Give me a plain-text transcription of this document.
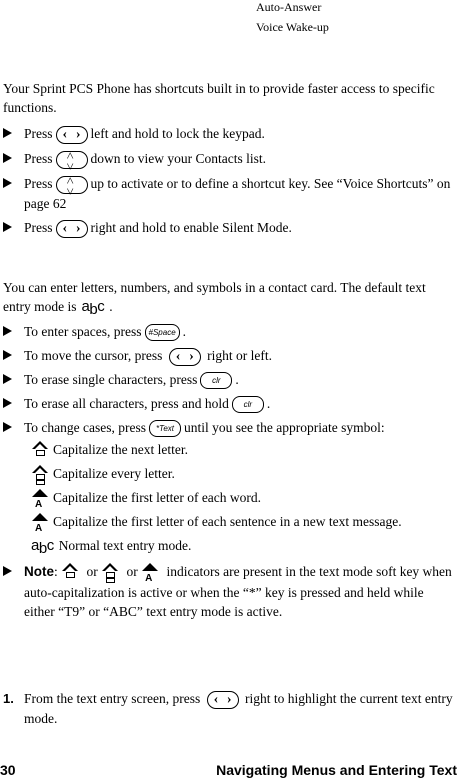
Auto-Answer
Voice Wake-up
Your Sprint PCS Phone has shortcuts built in to provide faster access to specific functions.
Press ‹ ›	left and hold to lock the keypad.
Press ˄ ˅	down to view your Contacts list.
Press ˄ ˅	up to activate or to define a shortcut key. See “Voice Shortcuts” on page 62
Press ‹ ›	right and hold to enable Silent Mode.
You can enter letters, numbers, and symbols in a contact card. The default text entry mode is abc .
To enter spaces, press #Space .
To move the cursor, press ‹ ›	right or left.
To erase single characters, press clr .
To erase all characters, press and hold clr .
To change cases, press *Text until you see the appropriate symbol:
Capitalize the next letter.
Capitalize every letter.
A Capitalize the first letter of each word.
A Capitalize the first letter of each sentence in a new text message.
abc Normal text entry mode.
Note: or or A indicators are present in the text mode soft key when auto-capitalization is active or when the “*” key is pressed and held while either “T9” or “ABC” text entry mode is active.
1. From the text entry screen, press ‹ ›	right to highlight the current text entry mode.
30	Navigating Menus and Entering Text
